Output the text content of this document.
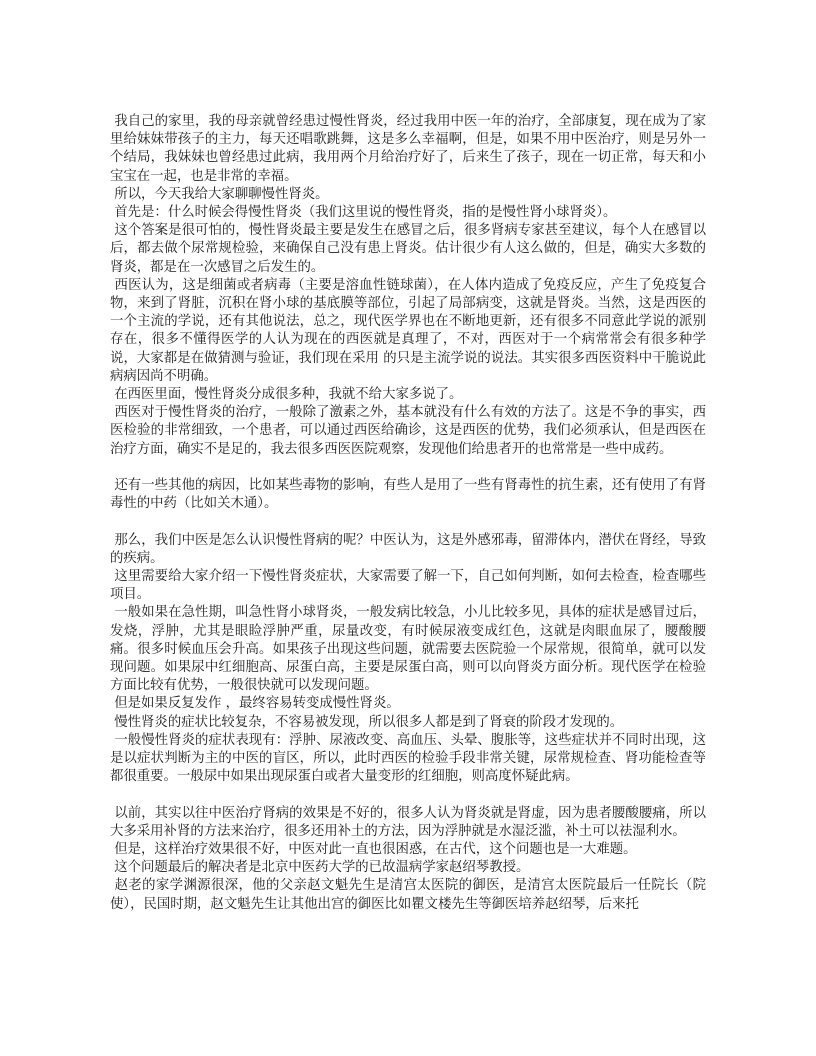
我自己的家里，我的母亲就曾经患过慢性肾炎，经过我用中医一年的治疗，全部康复，现在成为了家里给妹妹带孩子的主力，每天还唱歌跳舞，这是多么幸福啊，但是，如果不用中医治疗，则是另外一个结局，我妹妹也曾经患过此病，我用两个月给治疗好了，后来生了孩子，现在一切正常，每天和小宝宝在一起，也是非常的幸福。

所以，今天我给大家聊聊慢性肾炎。

首先是：什么时候会得慢性肾炎（我们这里说的慢性肾炎，指的是慢性肾小球肾炎）。

这个答案是很可怕的，慢性肾炎最主要是发生在感冒之后，很多肾病专家甚至建议，每个人在感冒以后，都去做个尿常规检验，来确保自己没有患上肾炎。估计很少有人这么做的，但是，确实大多数的肾炎，都是在一次感冒之后发生的。

西医认为，这是细菌或者病毒（主要是溶血性链球菌），在人体内造成了免疫反应，产生了免疫复合物，来到了肾脏，沉积在肾小球的基底膜等部位，引起了局部病变，这就是肾炎。当然，这是西医的一个主流的学说，还有其他说法，总之，现代医学界也在不断地更新，还有很多不同意此学说的派别存在，很多不懂得医学的人认为现在的西医就是真理了，不对，西医对于一个病常常会有很多种学说，大家都是在做猜测与验证，我们现在采用 的只是主流学说的说法。其实很多西医资料中干脆说此病病因尚不明确。

在西医里面，慢性肾炎分成很多种，我就不给大家多说了。

西医对于慢性肾炎的治疗，一般除了激素之外，基本就没有什么有效的方法了。这是不争的事实，西医检验的非常细致，一个患者，可以通过西医给确诊，这是西医的优势，我们必须承认，但是西医在治疗方面，确实不是足的，我去很多西医医院观察，发现他们给患者开的也常常是一些中成药。

还有一些其他的病因，比如某些毒物的影响，有些人是用了一些有肾毒性的抗生素，还有使用了有肾毒性的中药（比如关木通）。

那么，我们中医是怎么认识慢性肾病的呢？中医认为，这是外感邪毒，留滞体内，潜伏在肾经，导致的疾病。

这里需要给大家介绍一下慢性肾炎症状，大家需要了解一下，自己如何判断，如何去检查，检查哪些项目。

一般如果在急性期，叫急性肾小球肾炎，一般发病比较急，小儿比较多见，具体的症状是感冒过后，发烧，浮肿，尤其是眼睑浮肿严重，尿量改变，有时候尿液变成红色，这就是肉眼血尿了，腰酸腰痛。很多时候血压会升高。如果孩子出现这些问题，就需要去医院验一个尿常规，很简单，就可以发现问题。如果尿中红细胞高、尿蛋白高，主要是尿蛋白高，则可以向肾炎方面分析。现代医学在检验方面比较有优势，一般很快就可以发现问题。

但是如果反复发作 ，最终容易转变成慢性肾炎。

慢性肾炎的症状比较复杂，不容易被发现，所以很多人都是到了肾衰的阶段才发现的。

一般慢性肾炎的症状表现有：浮肿、尿液改变、高血压、头晕、腹胀等，这些症状并不同时出现，这是以症状判断为主的中医的盲区，所以，此时西医的检验手段非常关键，尿常规检查、肾功能检查等都很重要。一般尿中如果出现尿蛋白或者大量变形的红细胞，则高度怀疑此病。

以前，其实以往中医治疗肾病的效果是不好的，很多人认为肾炎就是肾虚，因为患者腰酸腰痛，所以大多采用补肾的方法来治疗，很多还用补土的方法，因为浮肿就是水湿泛滥，补土可以祛湿利水。

但是，这样治疗效果很不好，中医对此一直也很困惑，在古代，这个问题也是一大难题。

这个问题最后的解决者是北京中医药大学的已故温病学家赵绍琴教授。

赵老的家学渊源很深，他的父亲赵文魁先生是清宫太医院的御医，是清宫太医院最后一任院长（院使），民国时期，赵文魁先生让其他出宫的御医比如瞿文楼先生等御医培养赵绍琴，后来托
